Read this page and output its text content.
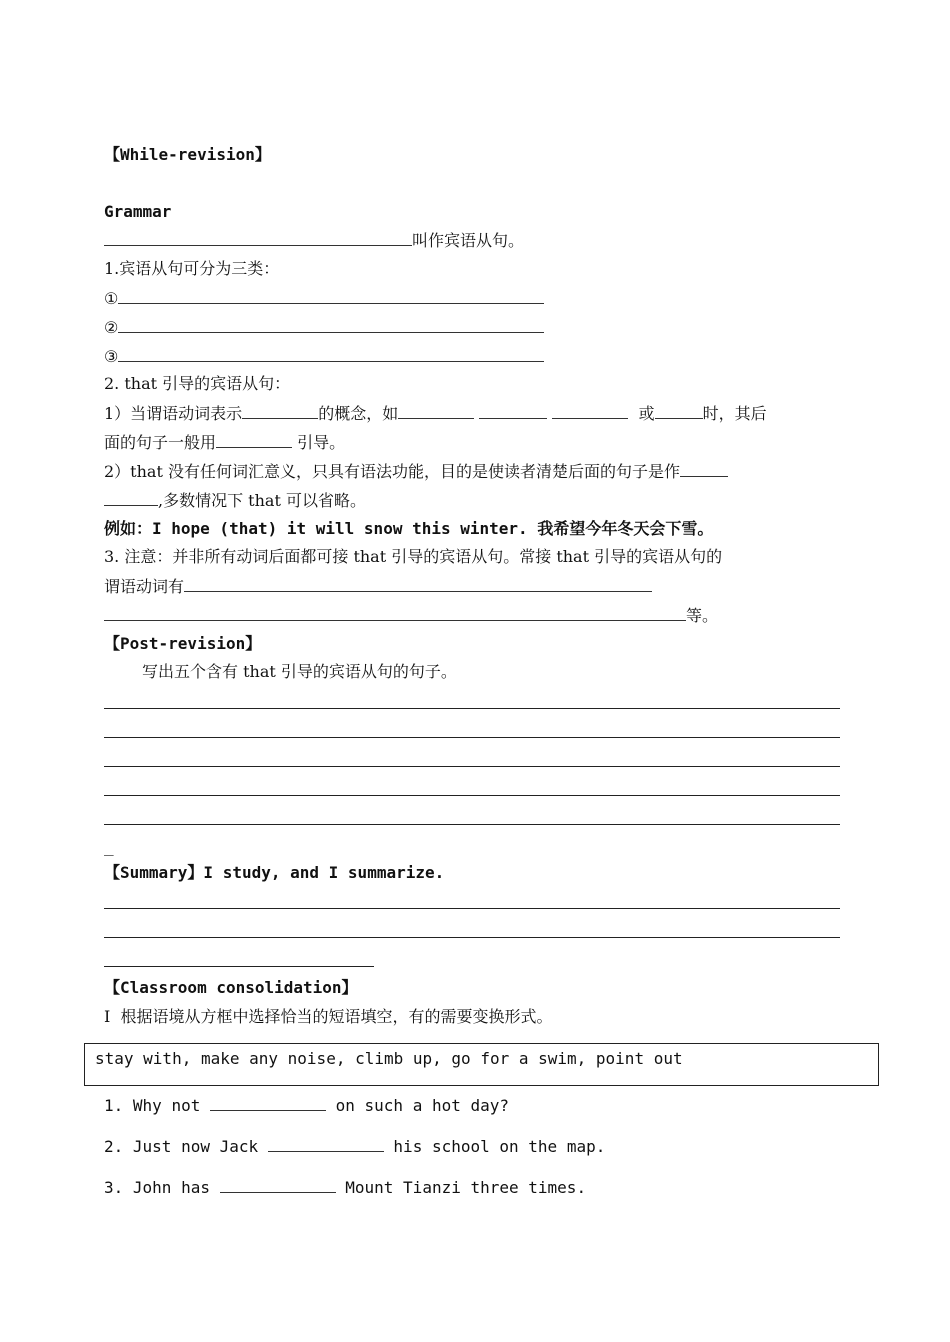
【While-revision】
Grammar
叫作宾语从句。
1.宾语从句可分为三类：
①
②
③
2. that 引导的宾语从句：
1）当谓语动词表示	的概念，如	或	时，其后
面的句子一般用	引导。
2）that 没有任何词汇意义，只具有语法功能，目的是使读者清楚后面的句子是作
,多数情况下 that 可以省略。
例如：I hope (that) it will snow this winter. 我希望今年冬天会下雪。
3. 注意：并非所有动词后面都可接 that 引导的宾语从句。常接 that 引导的宾语从句的
谓语动词有
等。
【Post-revision】
写出五个含有 that 引导的宾语从句的句子。
_
【Summary】I study, and I summarize.
【Classroom consolidation】
I 根据语境从方框中选择恰当的短语填空，有的需要变换形式。
stay with, make any noise, climb up, go for a swim, point out
1. Why not	on such a hot day?
2. Just now Jack	his school on the map.
3. John has	Mount Tianzi three times.
